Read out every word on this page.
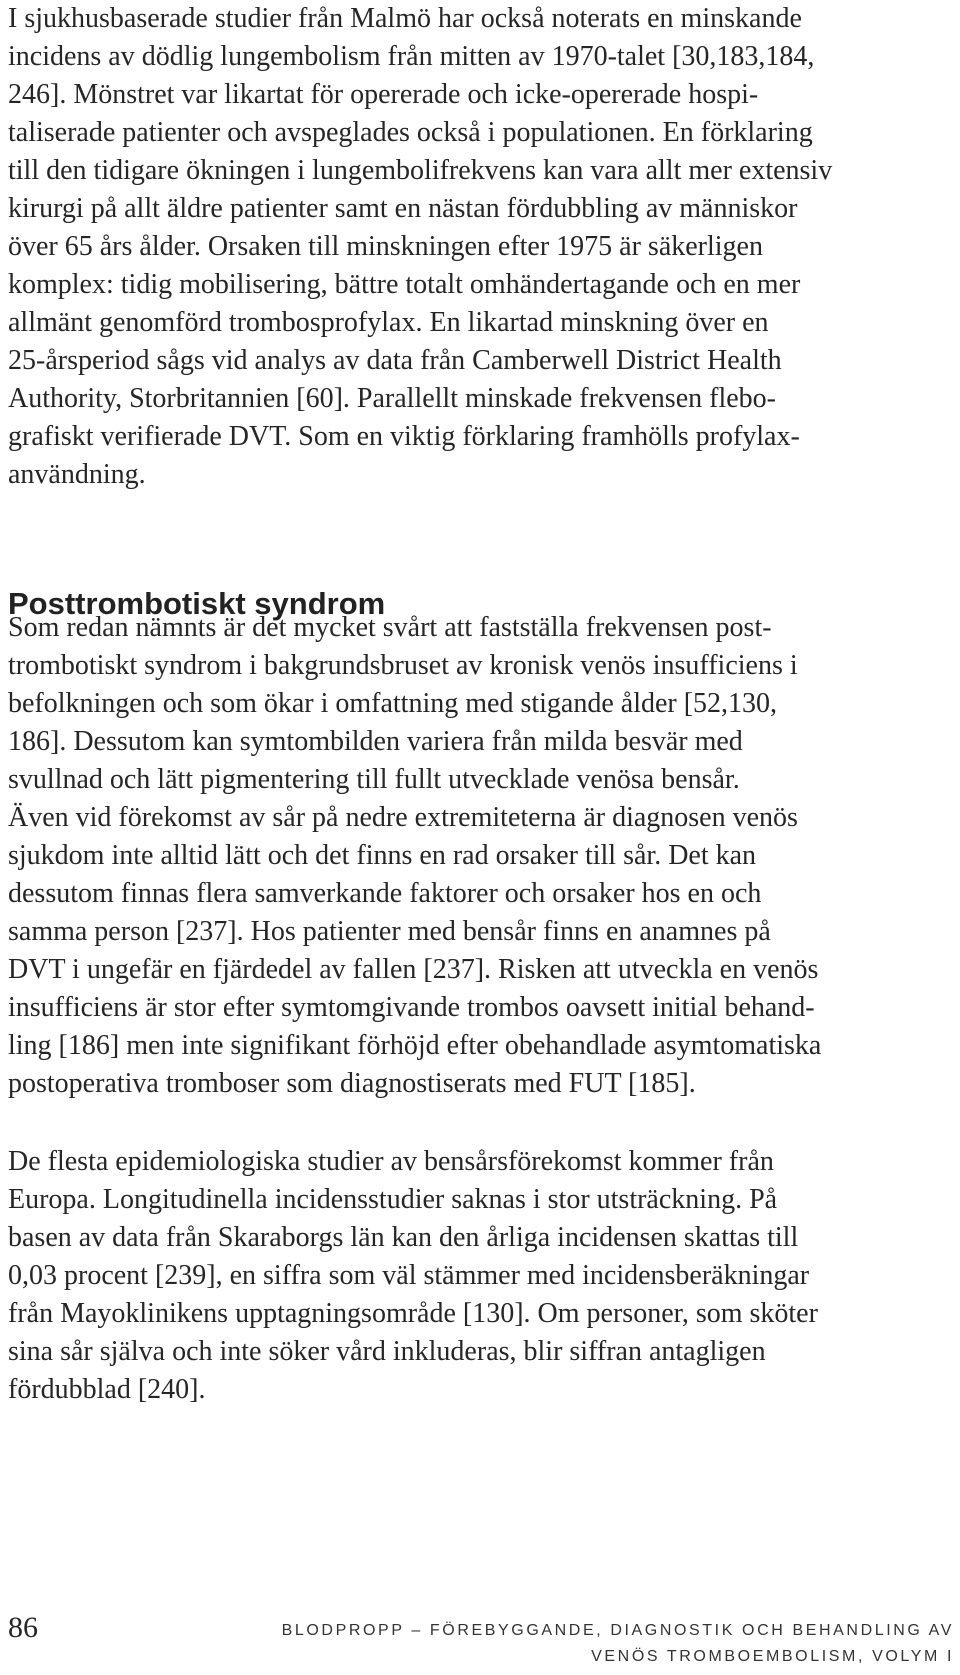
I sjukhusbaserade studier från Malmö har också noterats en minskande
incidens av dödlig lungembolism från mitten av 1970-talet [30,183,184,
246]. Mönstret var likartat för opererade och icke-opererade hospi-
taliserade patienter och avspeglades också i populationen. En förklaring
till den tidigare ökningen i lungembolifrekvens kan vara allt mer extensiv
kirurgi på allt äldre patienter samt en nästan fördubbling av människor
över 65 års ålder. Orsaken till minskningen efter 1975 är säkerligen
komplex: tidig mobilisering, bättre totalt omhändertagande och en mer
allmänt genomförd trombosprofylax. En likartad minskning över en
25-årsperiod sågs vid analys av data från Camberwell District Health
Authority, Storbritannien [60]. Parallellt minskade frekvensen flebo-
grafiskt verifierade DVT. Som en viktig förklaring framhölls profylax-
användning.
Posttrombotiskt syndrom
Som redan nämnts är det mycket svårt att fastställa frekvensen post-
trombotiskt syndrom i bakgrundsbruset av kronisk venös insufficiens i
befolkningen och som ökar i omfattning med stigande ålder [52,130,
186]. Dessutom kan symtombilden variera från milda besvär med
svullnad och lätt pigmentering till fullt utvecklade venösa bensår.
Även vid förekomst av sår på nedre extremiteterna är diagnosen venös
sjukdom inte alltid lätt och det finns en rad orsaker till sår. Det kan
dessutom finnas flera samverkande faktorer och orsaker hos en och
samma person [237]. Hos patienter med bensår finns en anamnes på
DVT i ungefär en fjärdedel av fallen [237]. Risken att utveckla en venös
insufficiens är stor efter symtomgivande trombos oavsett initial behand-
ling [186] men inte signifikant förhöjd efter obehandlade asymtomatiska
postoperativa tromboser som diagnostiserats med FUT [185].
De flesta epidemiologiska studier av bensårsförekomst kommer från
Europa. Longitudinella incidensstudier saknas i stor utsträckning. På
basen av data från Skaraborgs län kan den årliga incidensen skattas till
0,03 procent [239], en siffra som väl stämmer med incidensberäkningar
från Mayoklinikens upptagningsområde [130]. Om personer, som sköter
sina sår själva och inte söker vård inkluderas, blir siffran antagligen
fördubblad [240].
86	BLODPROPP – FÖREBYGGANDE, DIAGNOSTIK OCH BEHANDLING AV
VENÖS TROMBOEMBOLISM, VOLYM I
